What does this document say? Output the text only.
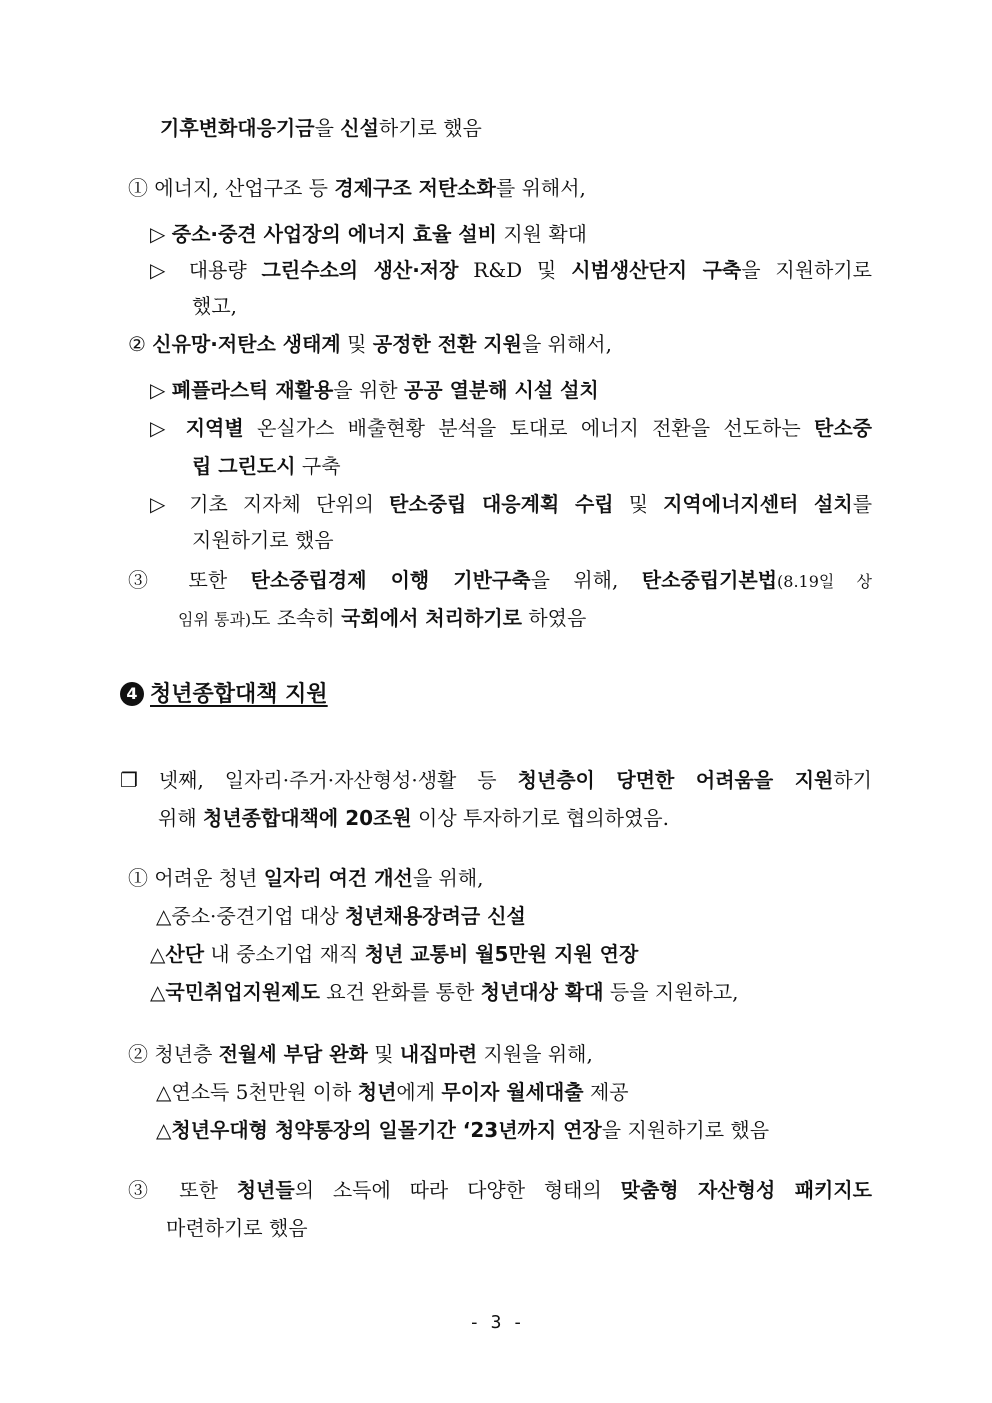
기후변화대응기금을 신설하기로 했음
① 에너지, 산업구조 등 경제구조 저탄소화를 위해서,
▷ 중소·중견 사업장의 에너지 효율 설비 지원 확대
▷ 대용량 그린수소의 생산·저장 R&D 및 시범생산단지 구축을 지원하기로
했고,
② 신유망·저탄소 생태계 및 공정한 전환 지원을 위해서,
▷ 폐플라스틱 재활용을 위한 공공 열분해 시설 설치
▷ 지역별 온실가스 배출현황 분석을 토대로 에너지 전환을 선도하는 탄소중
립 그린도시 구축
▷ 기초 지자체 단위의 탄소중립 대응계획 수립 및 지역에너지센터 설치를
지원하기로 했음
③ 또한 탄소중립경제 이행 기반구축을 위해, 탄소중립기본법(8.19일 상
임위 통과)도 조속히 국회에서 처리하기로 하였음
4 청년종합대책 지원
❐ 넷째, 일자리·주거·자산형성·생활 등 청년층이 당면한 어려움을 지원하기
위해 청년종합대책에 20조원 이상 투자하기로 협의하였음.
① 어려운 청년 일자리 여건 개선을 위해,
△중소·중견기업 대상 청년채용장려금 신설
△산단 내 중소기업 재직 청년 교통비 월5만원 지원 연장
△국민취업지원제도 요건 완화를 통한 청년대상 확대 등을 지원하고,
② 청년층 전월세 부담 완화 및 내집마련 지원을 위해,
△연소득 5천만원 이하 청년에게 무이자 월세대출 제공
△청년우대형 청약통장의 일몰기간 ‘23년까지 연장을 지원하기로 했음
③ 또한 청년들의 소득에 따라 다양한 형태의 맞춤형 자산형성 패키지도
마련하기로 했음
- 3 -
